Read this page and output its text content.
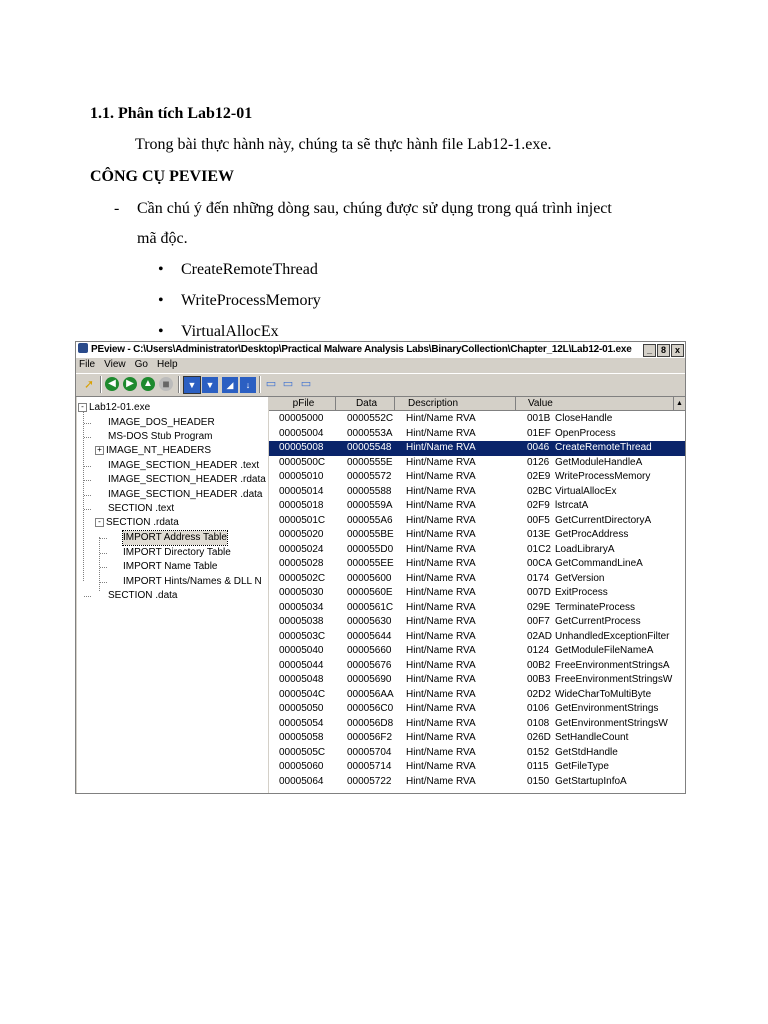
1.1. Phân tích Lab12-01
Trong bài thực hành này, chúng ta sẽ thực hành file Lab12-1.exe.
CÔNG CỤ PEVIEW
- Cần chú ý đến những dòng sau, chúng được sử dụng trong quá trình inject
mã độc.
• CreateRemoteThread
• WriteProcessMemory
• VirtualAllocEx
PEview - C:\Users\Administrator\Desktop\Practical Malware Analysis Labs\BinaryCollection\Chapter_12L\Lab12-01.exe	_ 8 x
File View Go Help
➚	◀	▶ ▲ ■	▼	▼	◢	↓	▭ ▭ ▭
- Lab12-01.exe
IMAGE_DOS_HEADER
MS-DOS Stub Program
+ IMAGE_NT_HEADERS
IMAGE_SECTION_HEADER .text
IMAGE_SECTION_HEADER .rdata
IMAGE_SECTION_HEADER .data
SECTION .text
- SECTION .rdata
IMPORT Address Table
IMPORT Directory Table
IMPORT Name Table
IMPORT Hints/Names & DLL N
SECTION .data
pFile	Data	Description	Value	▲
00005000 0000552C Hint/Name RVA	001B CloseHandle
00005004 0000553A Hint/Name RVA	01EF OpenProcess
00005008 00005548 Hint/Name RVA	0046 CreateRemoteThread
0000500C 0000555E Hint/Name RVA	0126 GetModuleHandleA
00005010 00005572 Hint/Name RVA	02E9 WriteProcessMemory
00005014 00005588 Hint/Name RVA	02BC VirtualAllocEx
00005018 0000559A Hint/Name RVA	02F9 lstrcatA
0000501C 000055A6 Hint/Name RVA	00F5 GetCurrentDirectoryA
00005020 000055BE Hint/Name RVA	013E GetProcAddress
00005024 000055D0 Hint/Name RVA	01C2 LoadLibraryA
00005028 000055EE Hint/Name RVA	00CA GetCommandLineA
0000502C 00005600 Hint/Name RVA	0174 GetVersion
00005030 0000560E Hint/Name RVA	007D ExitProcess
00005034 0000561C Hint/Name RVA	029E TerminateProcess
00005038 00005630 Hint/Name RVA	00F7 GetCurrentProcess
0000503C 00005644 Hint/Name RVA	02AD UnhandledExceptionFilter
00005040 00005660 Hint/Name RVA	0124 GetModuleFileNameA
00005044 00005676 Hint/Name RVA	00B2 FreeEnvironmentStringsA
00005048 00005690 Hint/Name RVA	00B3 FreeEnvironmentStringsW
0000504C 000056AA Hint/Name RVA	02D2 WideCharToMultiByte
00005050 000056C0 Hint/Name RVA	0106 GetEnvironmentStrings
00005054 000056D8 Hint/Name RVA	0108 GetEnvironmentStringsW
00005058 000056F2 Hint/Name RVA	026D SetHandleCount
0000505C 00005704 Hint/Name RVA	0152 GetStdHandle
00005060 00005714 Hint/Name RVA	0115 GetFileType
00005064 00005722 Hint/Name RVA	0150 GetStartupInfoA
